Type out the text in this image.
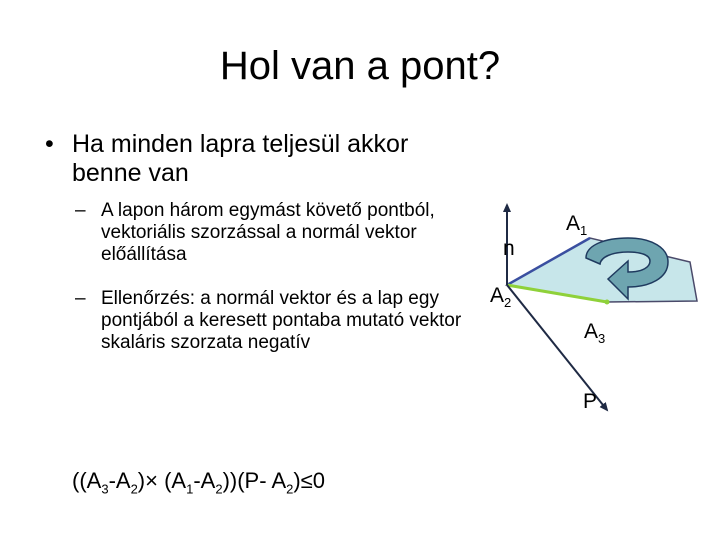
Hol van a pont?
• Ha minden lapra teljesül akkor benne van
– A lapon három egymást követő pontból, vektoriális szorzással a normál vektor előállítása
– Ellenőrzés: a normál vektor és a lap egy pontjából a keresett pontaba mutató vektor skaláris szorzata negatív
$((A_3-A_2)\times (A_1-A_2))(P-$ $A_2)\le 0$
n
$A_1$
$A_2$
$A_3$
P
